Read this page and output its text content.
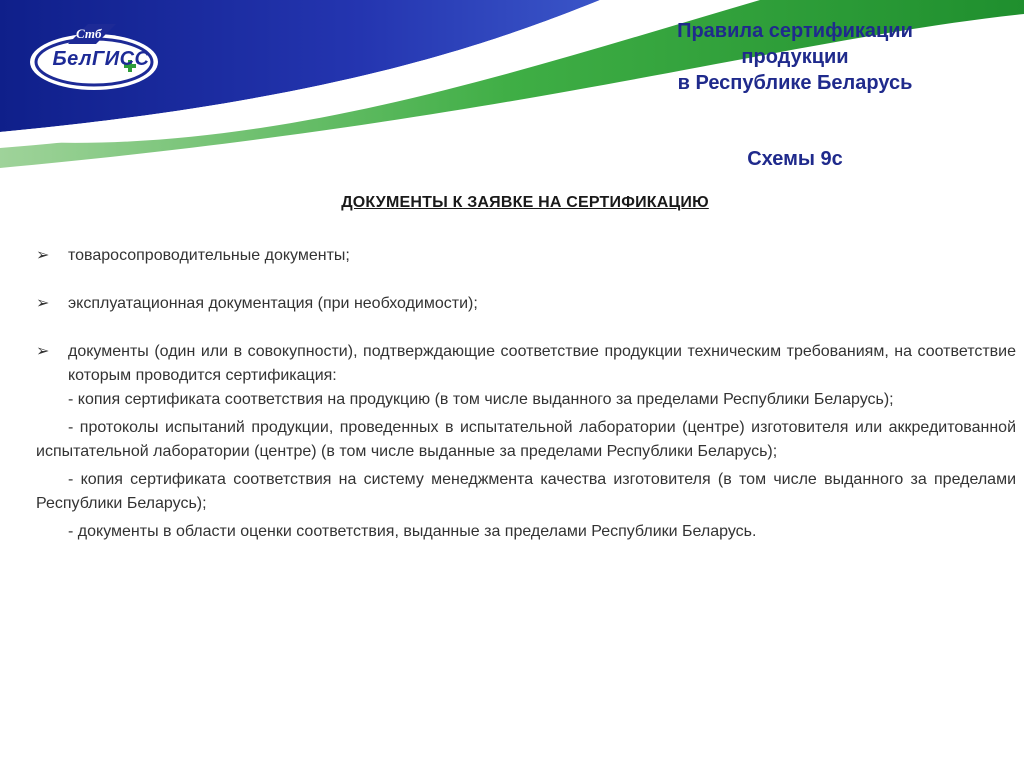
Стб
БелГИСС
Правила сертификации
продукции
в Республике Беларусь
Схемы 9с
ДОКУМЕНТЫ К ЗАЯВКЕ НА СЕРТИФИКАЦИЮ
➢ товаросопроводительные документы;
➢ эксплуатационная документация (при необходимости);
➢ документы (один или в совокупности), подтверждающие соответствие продукции техническим требованиям, на соответствие которым проводится сертификация:
- копия сертификата соответствия на продукцию (в том числе выданного за пределами Республики Беларусь);
- протоколы испытаний продукции, проведенных в испытательной лаборатории (центре) изготовителя или аккредитованной испытательной лаборатории (центре) (в том числе выданные за пределами Республики Беларусь);
- копия сертификата соответствия на систему менеджмента качества изготовителя (в том числе выданного за пределами Республики Беларусь);
- документы в области оценки соответствия, выданные за пределами Республики Беларусь.
